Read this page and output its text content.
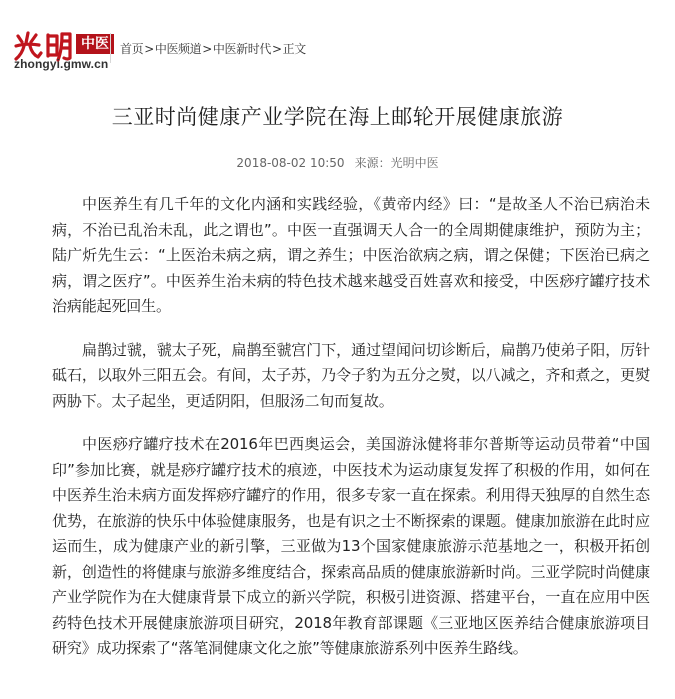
中医
zhongyi.gmw.cn
首页>中医频道>中医新时代>正文
三亚时尚健康产业学院在海上邮轮开展健康旅游
2018-08-02 10:50 来源：光明中医

中医养生有几千年的文化内涵和实践经验，《黄帝内经》曰：“是故圣人不治已病治未病，不治已乱治未乱，此之谓也”。中医一直强调天人合一的全周期健康维护，预防为主；陆广炘先生云：“上医治未病之病，谓之养生；中医治欲病之病，谓之保健；下医治已病之病，谓之医疗”。中医养生治未病的特色技术越来越受百姓喜欢和接受，中医痧疗罐疗技术治病能起死回生。

扁鹊过虢，虢太子死，扁鹊至虢宫门下，通过望闻问切诊断后，扁鹊乃使弟子阳，厉针砥石，以取外三阳五会。有间，太子苏，乃令子豹为五分之熨，以八减之，齐和煮之，更熨两胁下。太子起坐，更适阴阳，但服汤二旬而复故。

中医痧疗罐疗技术在2016年巴西奥运会，美国游泳健将菲尔普斯等运动员带着“中国印”参加比赛，就是痧疗罐疗技术的痕迹，中医技术为运动康复发挥了积极的作用，如何在中医养生治未病方面发挥痧疗罐疗的作用，很多专家一直在探索。利用得天独厚的自然生态优势，在旅游的快乐中体验健康服务，也是有识之士不断探索的课题。健康加旅游在此时应运而生，成为健康产业的新引擎，三亚做为13个国家健康旅游示范基地之一，积极开拓创新，创造性的将健康与旅游多维度结合，探索高品质的健康旅游新时尚。三亚学院时尚健康产业学院作为在大健康背景下成立的新兴学院，积极引进资源、搭建平台，一直在应用中医药特色技术开展健康旅游项目研究，2018年教育部课题《三亚地区医养结合健康旅游项目研究》成功探索了“落笔洞健康文化之旅”等健康旅游系列中医养生路线。
